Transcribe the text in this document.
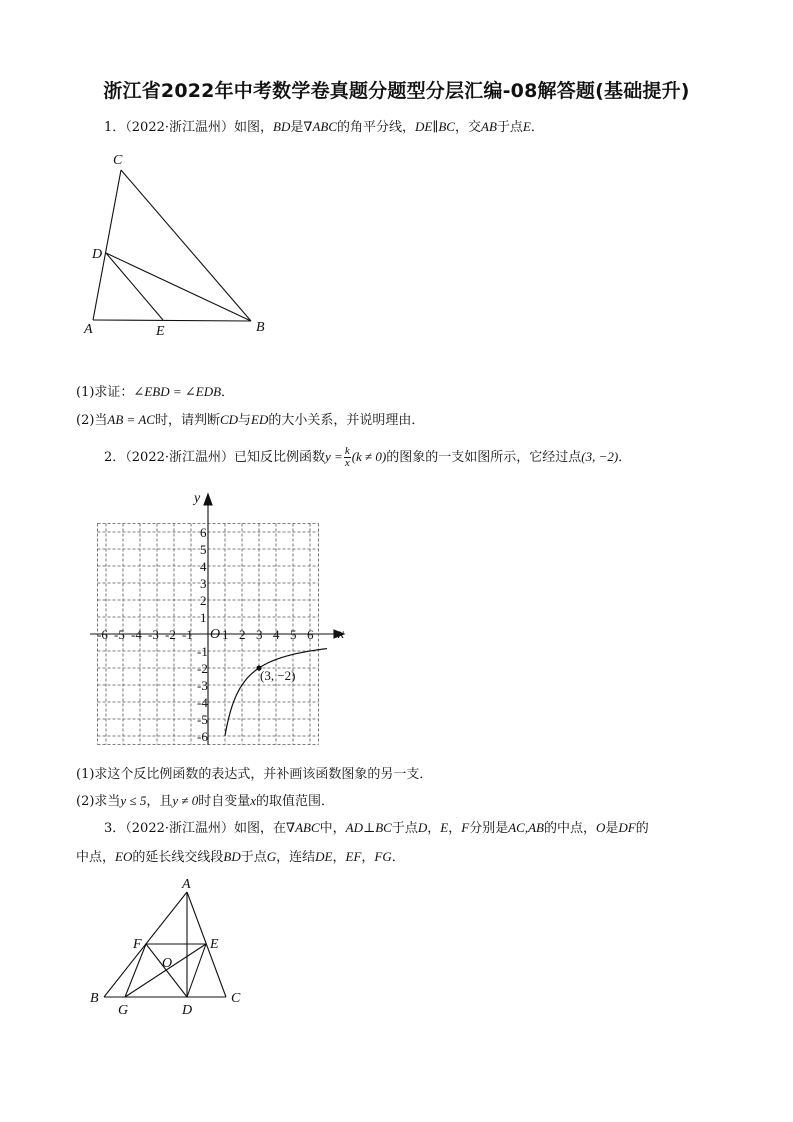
浙江省2022年中考数学卷真题分题型分层汇编-08解答题(基础提升)
1．（2022·浙江温州）如图，BD是∇ABC的角平分线，DE∥BC，交AB于点E．
C
D
A	E	B
(1)求证：∠EBD = ∠EDB．
(2)当AB = AC时，请判断CD与ED的大小关系，并说明理由．
2．（2022·浙江温州）已知反比例函数$y = \frac{k}{x} (k \ne 0)$的图象的一支如图所示，它经过点(3, −2)．
-6 -5 -4 -3 -2 -1 1 2 3 4 5 6
6
5
4
3
2
1
-1
-2
-3
-4
-5
-6
(3, −2)
x
y
O
(1)求这个反比例函数的表达式，并补画该函数图象的另一支．
(2)求当y ≤ 5，且y ≠ 0时自变量x的取值范围．
3．（2022·浙江温州）如图，在∇ABC中，AD⊥BC于点D，E，F分别是AC,AB的中点，O是DF的
中点，EO的延长线交线段BD于点G，连结DE，EF，FG．
A
F	E
O
B
G	D
C
